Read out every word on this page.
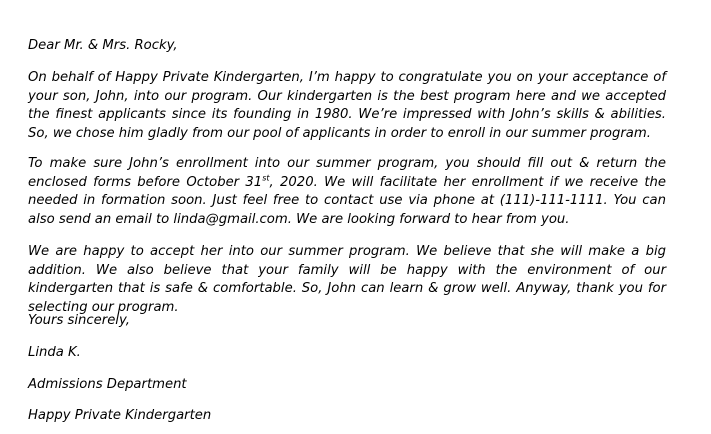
Dear Mr. & Mrs. Rocky,
On behalf of Happy Private Kindergarten, I’m happy to congratulate you on your acceptance of your son, John, into our program. Our kindergarten is the best program here and we accepted the finest applicants since its founding in 1980. We’re impressed with John’s skills & abilities. So, we chose him gladly from our pool of applicants in order to enroll in our summer program.
To make sure John’s enrollment into our summer program, you should fill out & return the enclosed forms before October 31st, 2020. We will facilitate her enrollment if we receive the needed in formation soon. Just feel free to contact use via phone at (111)-111-1111. You can also send an email to linda@gmail.com. We are looking forward to hear from you.
We are happy to accept her into our summer program. We believe that she will make a big addition. We also believe that your family will be happy with the environment of our kindergarten that is safe & comfortable. So, John can learn & grow well. Anyway, thank you for selecting our program.
Yours sincerely,
Linda K.
Admissions Department
Happy Private Kindergarten
